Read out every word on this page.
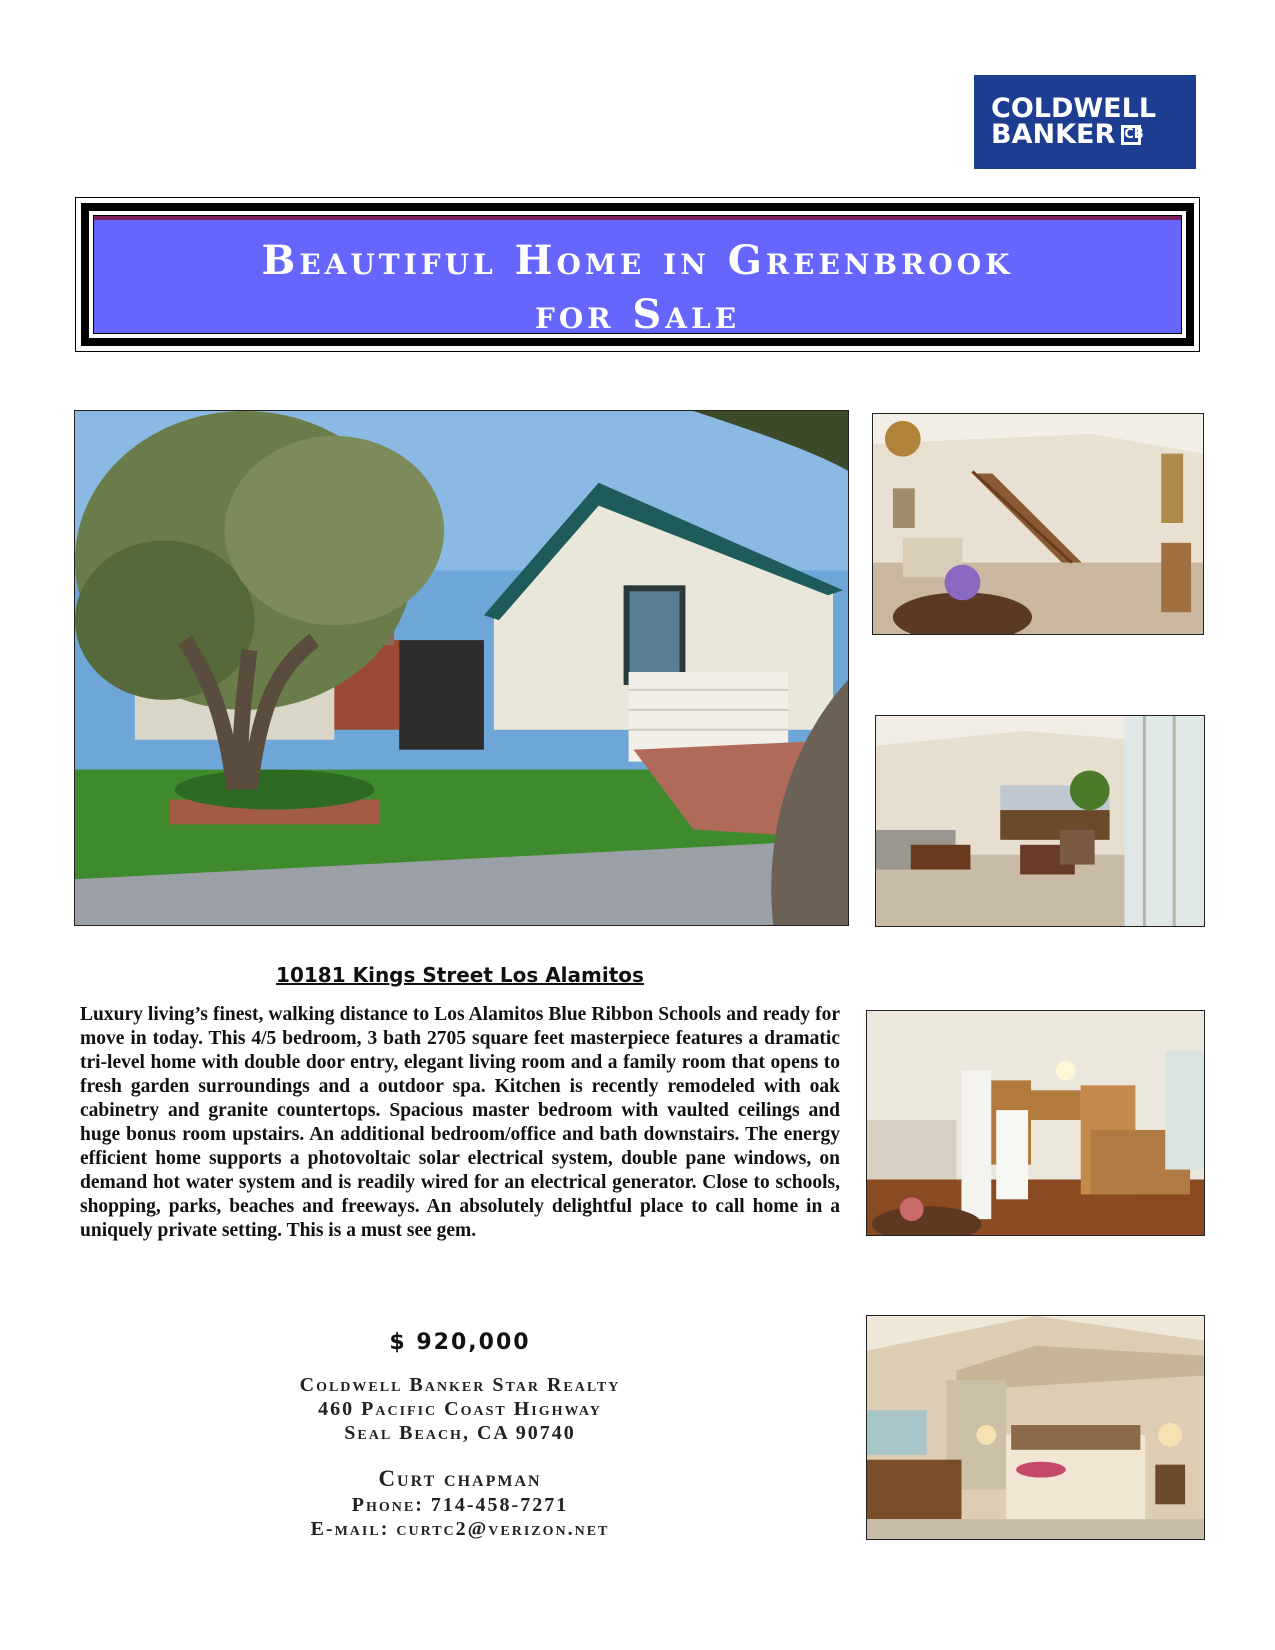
COLDWELL
BANKER CB
Beautiful Home in Greenbrook
for Sale
10181 Kings Street Los Alamitos
Luxury living’s finest, walking distance to Los Alamitos Blue Ribbon Schools and ready for move in today. This 4/5 bedroom, 3 bath 2705 square feet masterpiece features a dramatic tri-level home with double door entry, elegant living room and a family room that opens to fresh garden surroundings and a outdoor spa. Kitchen is recently remodeled with oak cabinetry and granite countertops. Spacious master bedroom with vaulted ceilings and huge bonus room upstairs. An additional bedroom/office and bath downstairs. The energy efficient home supports a photovoltaic solar electrical system, double pane windows, on demand hot water system and is readily wired for an electrical generator. Close to schools, shopping, parks, beaches and freeways. An absolutely delightful place to call home in a uniquely private setting. This is a must see gem.
$ 920,000
Coldwell Banker Star Realty
460 Pacific Coast Highway
Seal Beach, CA 90740
Curt chapman
Phone: 714-458-7271
E-mail: curtc2@verizon.net
